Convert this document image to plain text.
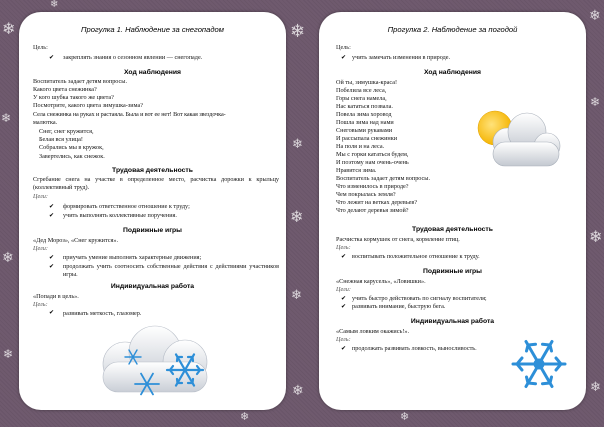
❄
❄
❄
❄
❄
❄
❄
❄
❄
❄
❄
❄
❄
❄
❄	❄
Прогулка 1. Наблюдение за снегопадом
Цель:
✔ закреплять знания о сезонном явлении — снегопаде.
Ход наблюдения
Воспитатель задает детям вопросы.
Какого цвета снежинка?
У кого шубка такого же цвета?
Посмотрите, какого цвета зимушка-зима?
Села снежинка на руках и растаяла. Была и вот ее нет! Вот какая звездочка-
малютка.
Снег, снег кружится,
Белая вся улица!
Собрались мы в кружок,
Завертелись, как снежок.
Трудовая деятельность
Сгребание снега на участке в определенное место, расчистка дорожки к крыльцу (коллективный труд).
Цели:
✔ формировать ответственное отношение к труду;
✔ учить выполнять коллективные поручения.
Подвижные игры
«Дед Мороз», «Снег кружится».
Цели:
✔ приучать умение выполнять характерные движения;
✔ продолжать учить соотносить собственные действия с действиями участников игры.
Индивидуальная работа
«Попади в цель».
Цель:
✔ развивать меткость, глазомер.
Прогулка 2. Наблюдение за погодой
Цель:
✔ учить замечать изменения в природе.
Ход наблюдения
Ой ты, зимушка-краса!
Побелила все леса,
Горы снега намела,
Нас кататься позвала.
Повела зима хоровод
Пошла зима над нами
Снеговыми рукавами
И рассыпала снежинки
На поля и на леса.
Мы с горки кататься будем,
И поэтому нам очень-очень
Нравится зима.
Воспитатель задает детям вопросы.
Что изменилось в природе?
Чем покрылась земля?
Что лежит на ветках деревьев?
Что делают деревья зимой?
Трудовая деятельность
Расчистка кормушек от снега, кормление птиц.
Цель:
✔ воспитывать положительное отношение к труду.
Подвижные игры
«Снежная карусель», «Ловишки».
Цели:
✔ учить быстро действовать по сигналу воспитателя;
✔ развивать внимание, быструю бега.
Индивидуальная работа
«Самым ловким окажись!».
Цель:
✔ продолжать развивать ловкость, выносливость.
